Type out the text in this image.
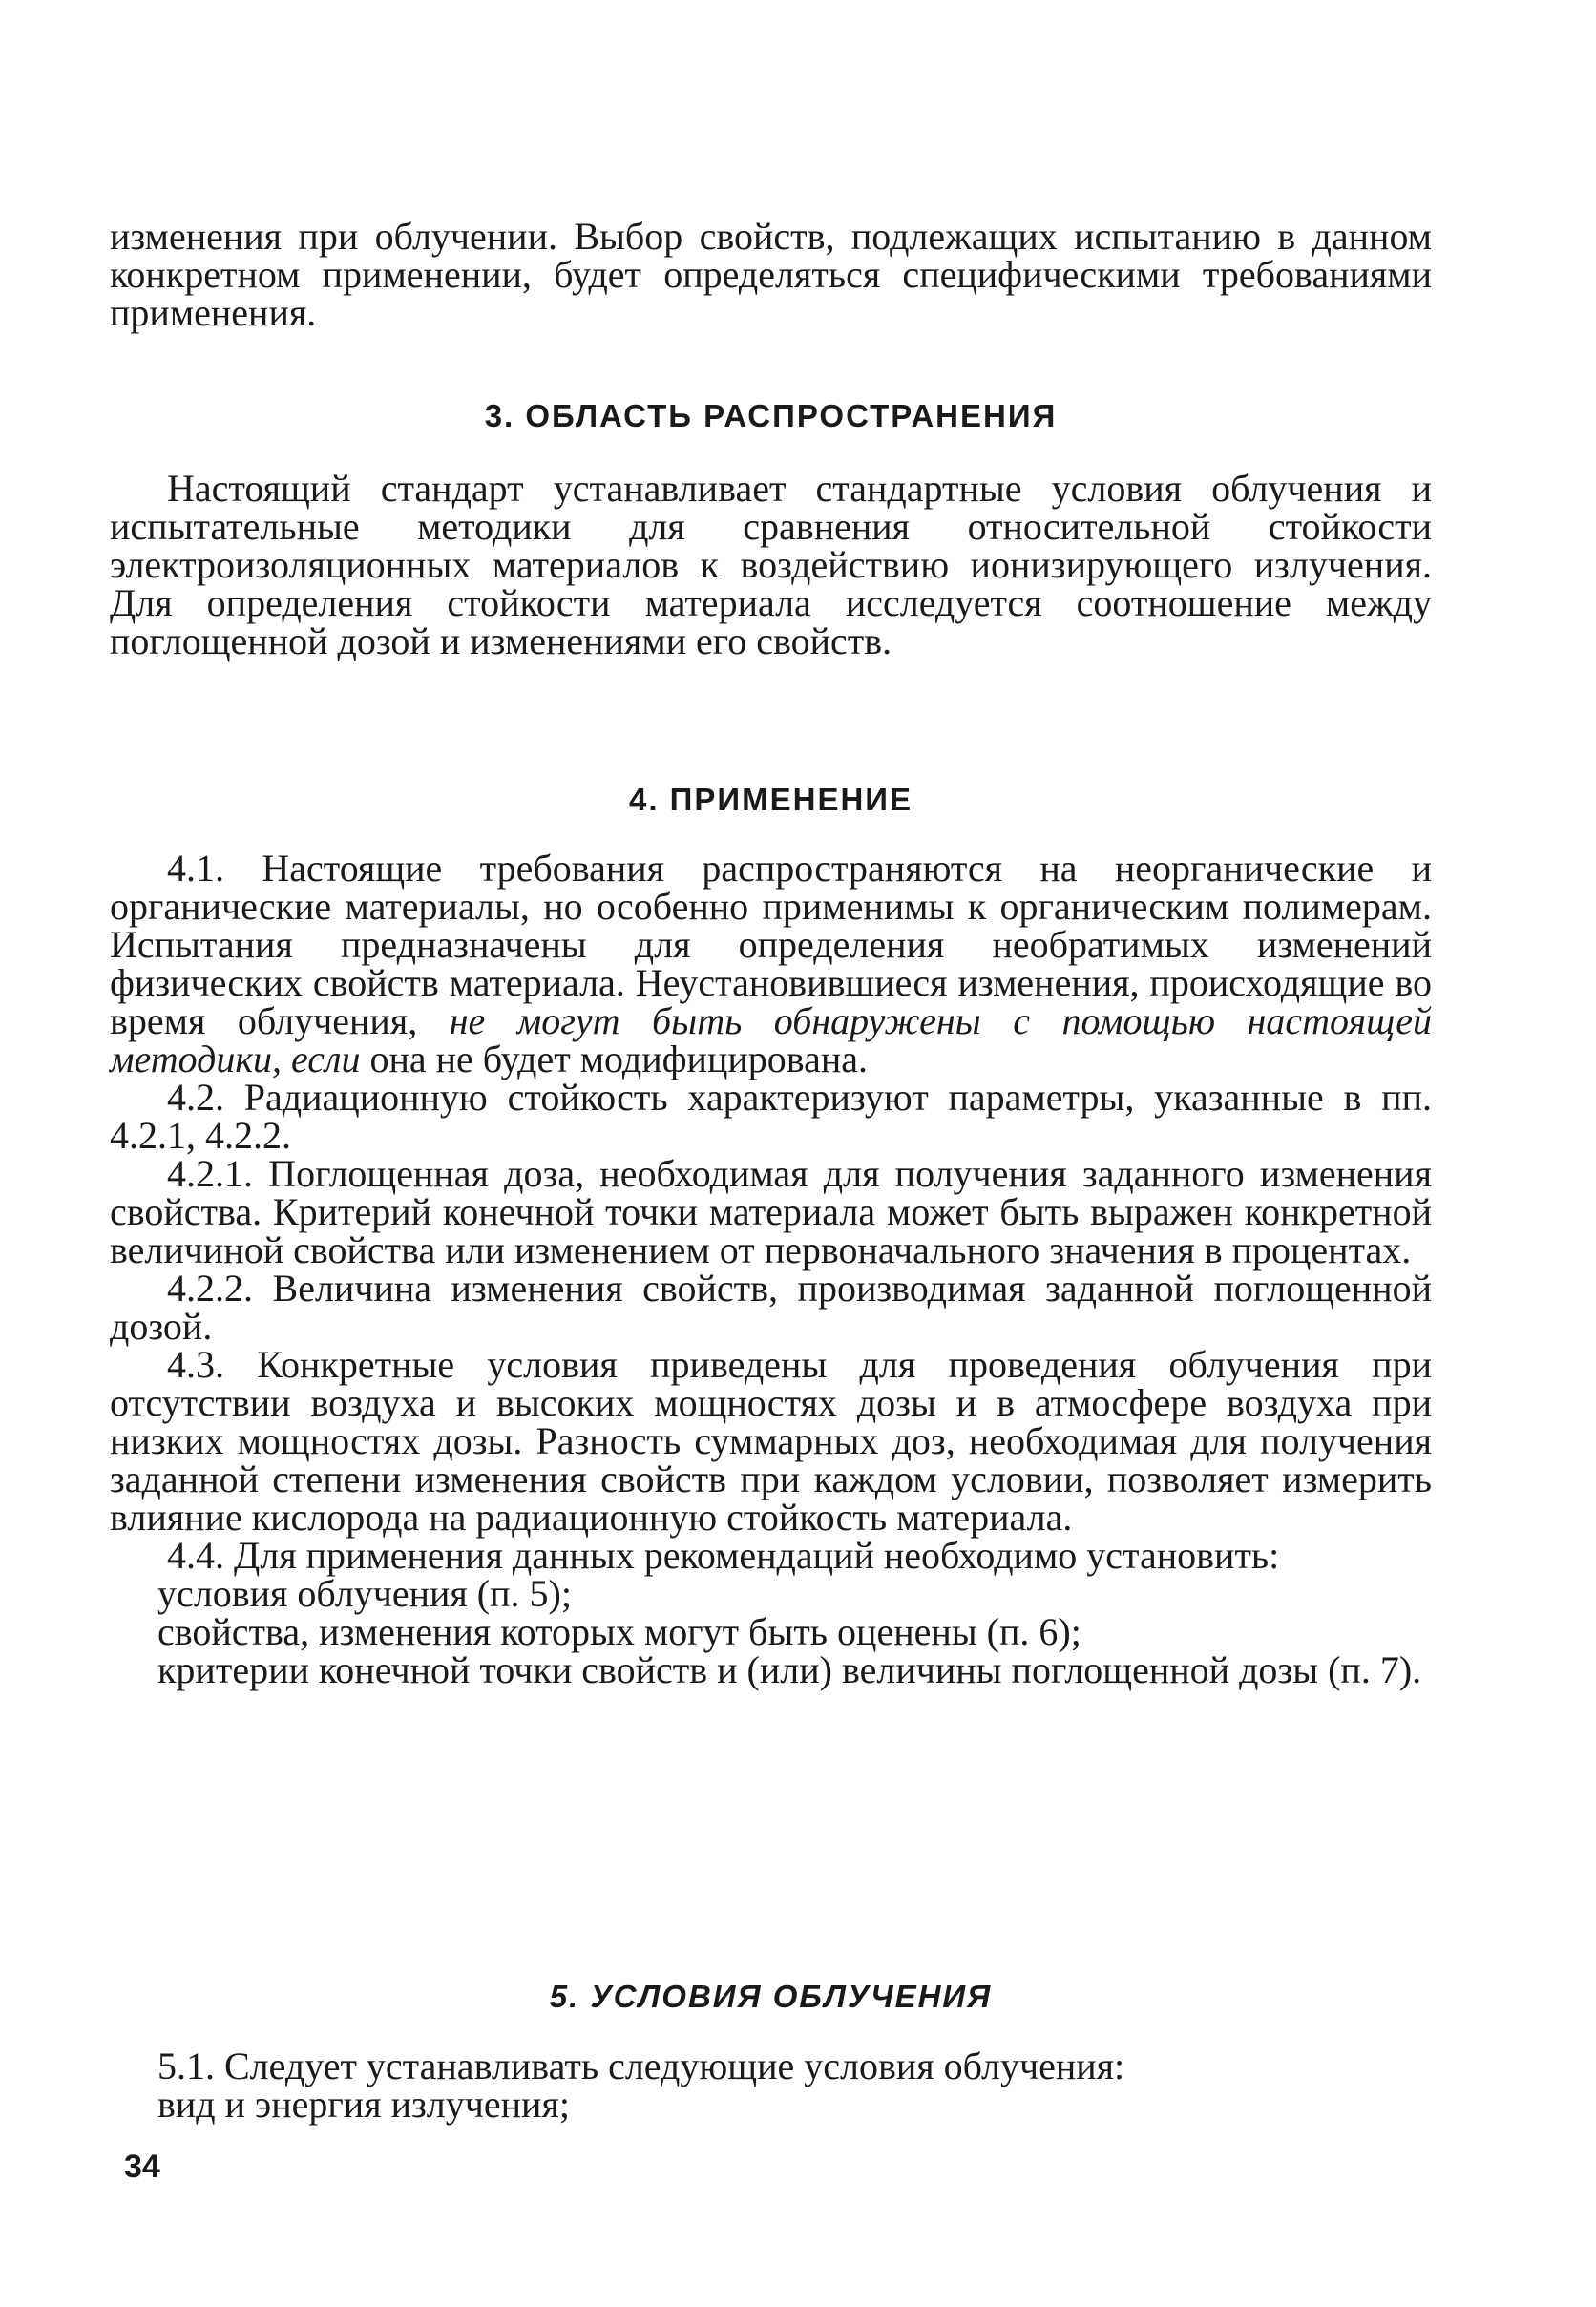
изменения при облучении. Выбор свойств, подлежащих испытанию в данном конкретном применении, будет определяться специфическими требованиями применения.

3. ОБЛАСТЬ РАСПРОСТРАНЕНИЯ

Настоящий стандарт устанавливает стандартные условия облучения и испытательные методики для сравнения относительной стойкости электроизоляционных материалов к воздействию ионизирующего излучения. Для определения стойкости материала исследуется соотношение между поглощенной дозой и изменениями его свойств.

4. ПРИМЕНЕНИЕ

4.1. Настоящие требования распространяются на неорганические и органические материалы, но особенно применимы к органическим полимерам. Испытания предназначены для определения необратимых изменений физических свойств материала. Неустановившиеся изменения, происходящие во время облучения, не могут быть обнаружены с помощью настоящей методики, если она не будет модифицирована.

4.2. Радиационную стойкость характеризуют параметры, указанные в пп. 4.2.1, 4.2.2.

4.2.1. Поглощенная доза, необходимая для получения заданного изменения свойства. Критерий конечной точки материала может быть выражен конкретной величиной свойства или изменением от первоначального значения в процентах.

4.2.2. Величина изменения свойств, производимая заданной поглощенной дозой.

4.3. Конкретные условия приведены для проведения облучения при отсутствии воздуха и высоких мощностях дозы и в атмосфере воздуха при низких мощностях дозы. Разность суммарных доз, необходимая для получения заданной степени изменения свойств при каждом условии, позволяет измерить влияние кислорода на радиационную стойкость материала.

4.4. Для применения данных рекомендаций необходимо установить:

условия облучения (п. 5);

свойства, изменения которых могут быть оценены (п. 6);

критерии конечной точки свойств и (или) величины поглощенной дозы (п. 7).

5. УСЛОВИЯ ОБЛУЧЕНИЯ

5.1. Следует устанавливать следующие условия облучения:

вид и энергия излучения;

34
